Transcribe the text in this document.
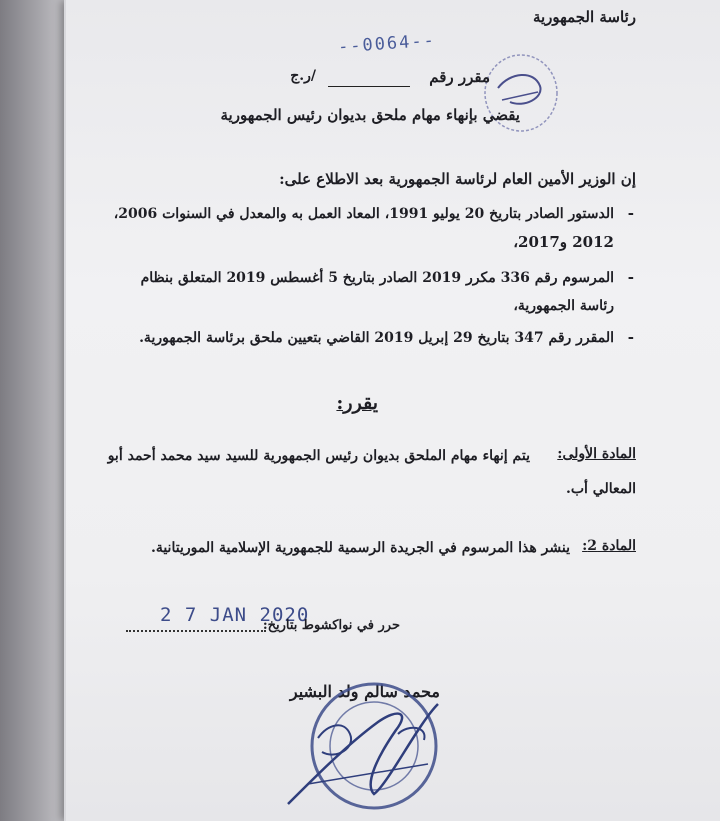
رئاسة الجمهورية
--0064--
مقرر رقم
/ر.ج
يقضي بإنهاء مهام ملحق بديوان رئيس الجمهورية
إن الوزير الأمين العام لرئاسة الجمهورية بعد الاطلاع على:
-
الدستور الصادر بتاريخ 20 يوليو 1991، المعاد العمل به والمعدل في السنوات 2006،
2012 و2017،
-
المرسوم رقم 336 مكرر 2019 الصادر بتاريخ 5 أغسطس 2019 المتعلق بنظام
رئاسة الجمهورية،
-
المقرر رقم 347 بتاريخ 29 إبريل 2019 القاضي بتعيين ملحق برئاسة الجمهورية.
يقرر:
المادة الأولى:
يتم إنهاء مهام الملحق بديوان رئيس الجمهورية للسيد سيد محمد أحمد أبو
المعالي أب.
المادة 2:
ينشر هذا المرسوم في الجريدة الرسمية للجمهورية الإسلامية الموريتانية.
2 7 JAN 2020
حرر في نواكشوط بتاريخ:
محمد سالم ولد البشير
